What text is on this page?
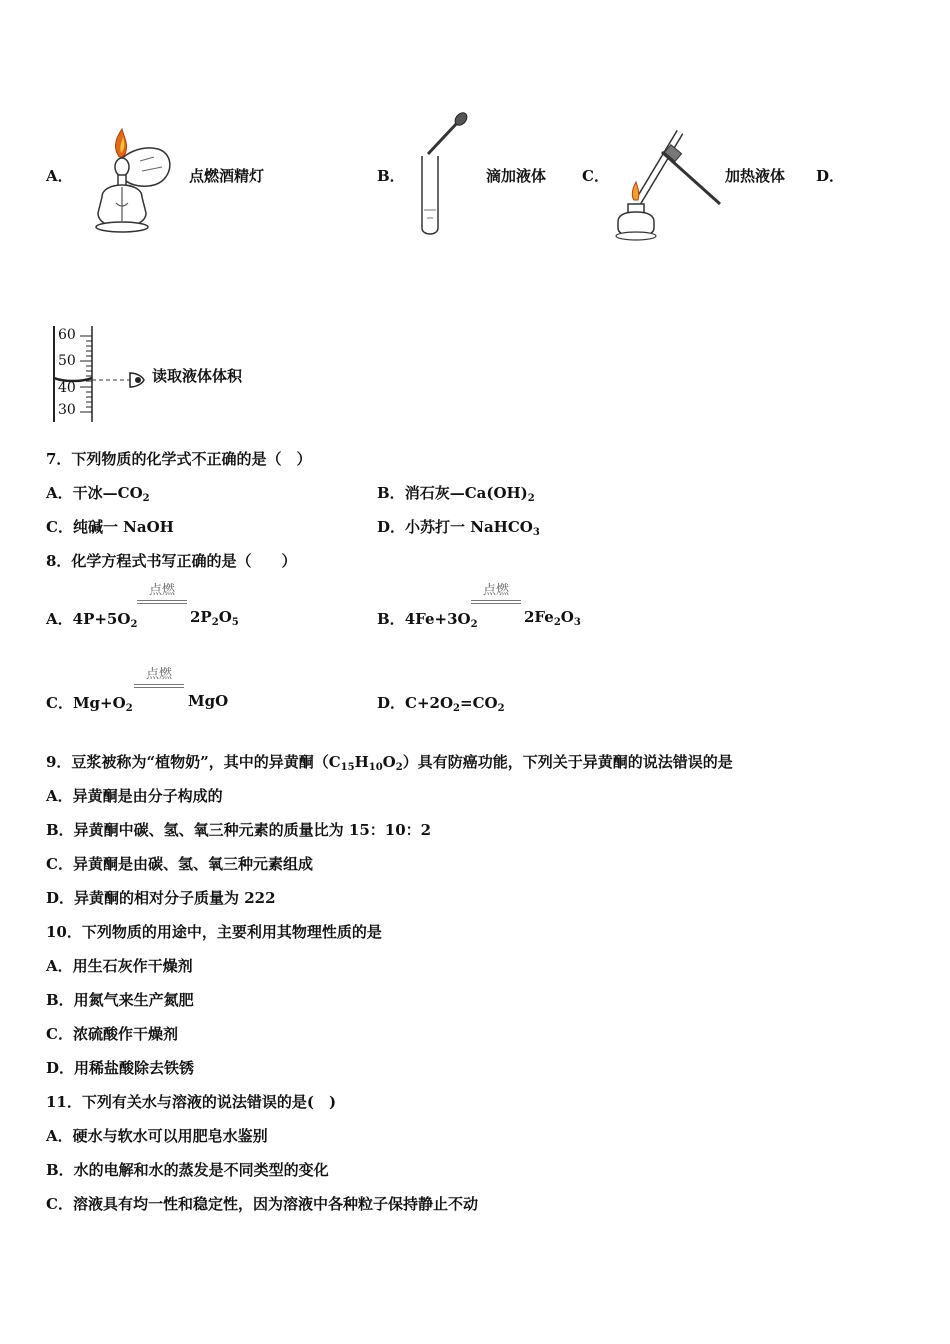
A．	点燃酒精灯	B．	滴加液体 C．	加热液体 D．
60
50
40
30
读取液体体积
7．下列物质的化学式不正确的是（　）
A．干冰$—CO_2$	B．消石灰$—Ca(OH)_2$
C．纯碱一 NaOH	D．小苏打一 NaHCO$_3$
8．化学方程式书写正确的是（　　）
A．$4P+5O_2$
点燃
$2P_2O_5$	B．$4Fe+3O_2$
点燃
$2Fe_2O_3$
C．$Mg+O_2$
点燃
MgO	D．$C+2O_2=CO_2$
9．豆浆被称为“植物奶”，其中的异黄酮$(C_{15}H_{10}O_2)$具有防癌功能，下列关于异黄酮的说法错误的是
A．异黄酮是由分子构成的
B．异黄酮中碳、氢、氧三种元素的质量比为 15：10：2
C．异黄酮是由碳、氢、氧三种元素组成
D．异黄酮的相对分子质量为 222
10．下列物质的用途中，主要利用其物理性质的是
A．用生石灰作干燥剂
B．用氮气来生产氮肥
C．浓硫酸作干燥剂
D．用稀盐酸除去铁锈
11．下列有关水与溶液的说法错误的是(　)
A．硬水与软水可以用肥皂水鉴别
B．水的电解和水的蒸发是不同类型的变化
C．溶液具有均一性和稳定性，因为溶液中各种粒子保持静止不动
